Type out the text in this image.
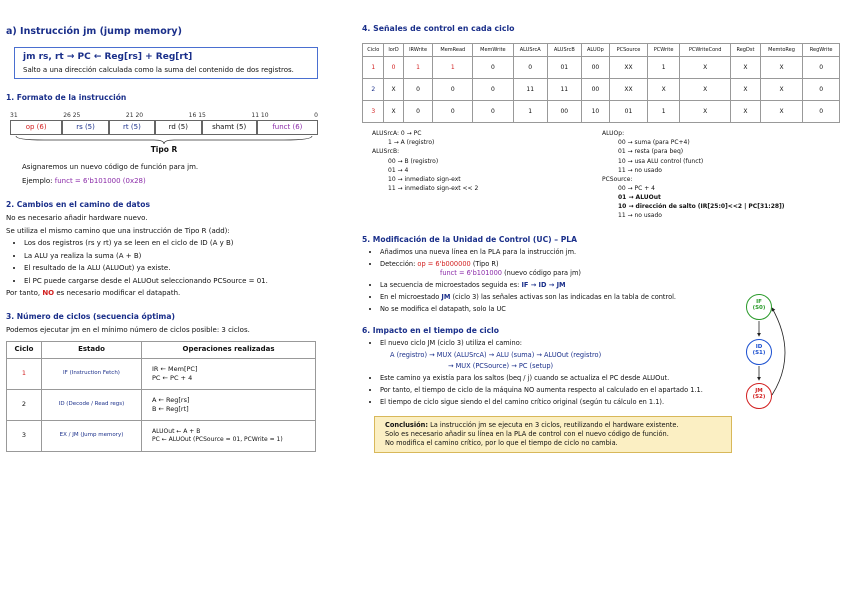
a) Instrucción jm (jump memory)
jm rs, rt → PC ← Reg[rs] + Reg[rt]
Salto a una dirección calculada como la suma del contenido de dos registros.
1. Formato de la instrucción
31	26 25	21 20	16 15	11 10	0
op (6)	rs (5)	rt (5)	rd (5)	shamt (5)	funct (6)
Tipo R
Asignaremos un nuevo código de función para jm.
Ejemplo: funct = 6'b101000 (0x28)
2. Cambios en el camino de datos
No es necesario añadir hardware nuevo.
Se utiliza el mismo camino que una instrucción de Tipo R (add):
• Los dos registros (rs y rt) ya se leen en el ciclo de ID (A y B)
• La ALU ya realiza la suma (A + B)
• El resultado de la ALU (ALUOut) ya existe.
• El PC puede cargarse desde el ALUOut seleccionando PCSource = 01.
Por tanto, NO es necesario modificar el datapath.
3. Número de ciclos (secuencia óptima)
Podemos ejecutar jm en el mínimo número de ciclos posible: 3 ciclos.
Ciclo	Estado	Operaciones realizadas
1	IF (Instruction Fetch)	IR ← Mem[PC]
PC ← PC + 4

2	ID (Decode / Read regs)	A ← Reg[rs]
B ← Reg[rt]

3	EX / JM (Jump memory)	ALUOut ← A + B
PC ← ALUOut (PCSource = 01, PCWrite = 1)
4. Señales de control en cada ciclo
Ciclo	IorD	IRWrite	MemRead	MemWrite	ALUSrcA	ALUSrcB	ALUOp	PCSource	PCWrite	PCWriteCond	RegDst	MemtoReg	RegWrite
1	0	1	1	0	0	01	00	XX	1	X	X	X	0
2	X	0	0	0	11	11	00	XX	X	X	X	X	0
3	X	0	0	0	1	00	10	01	1	X	X	X	0
ALUSrcA: 0 → PC
1 → A (registro)
ALUSrcB:
00 → B (registro)
01 → 4
10 → inmediato sign-ext
11 → inmediato sign-ext << 2
ALUOp:
00 → suma (para PC+4)
01 → resta (para beq)
10 → usa ALU control (funct)
11 → no usado
PCSource:
00 → PC + 4
01 → ALUOut
10 → dirección de salto (IR[25:0]<<2 | PC[31:28])
11 → no usado
5. Modificación de la Unidad de Control (UC) – PLA
• Añadimos una nueva línea en la PLA para la instrucción jm.
• Detección: op = 6'b000000 (Tipo R)
funct = 6'b101000 (nuevo código para jm)
• La secuencia de microestados seguida es: IF → ID → JM
• En el microestado JM (ciclo 3) las señales activas son las indicadas en la tabla de control.
• No se modifica el datapath, solo la UC
6. Impacto en el tiempo de ciclo
• El nuevo ciclo JM (ciclo 3) utiliza el camino:
A (registro) → MUX (ALUSrcA) → ALU (suma) → ALUOut (registro)
→ MUX (PCSource) → PC (setup)
• Este camino ya existía para los saltos (beq / j) cuando se actualiza el PC desde ALUOut.
• Por tanto, el tiempo de ciclo de la máquina NO aumenta respecto al calculado en el apartado 1.1.
• El tiempo de ciclo sigue siendo el del camino crítico original (según tu cálculo en 1.1).
Conclusión: La instrucción jm se ejecuta en 3 ciclos, reutilizando el hardware existente.
Solo es necesario añadir su línea en la PLA de control con el nuevo código de función.
No modifica el camino crítico, por lo que el tiempo de ciclo no cambia.
IF
(S0)
ID
(S1)
JM
(S2)
